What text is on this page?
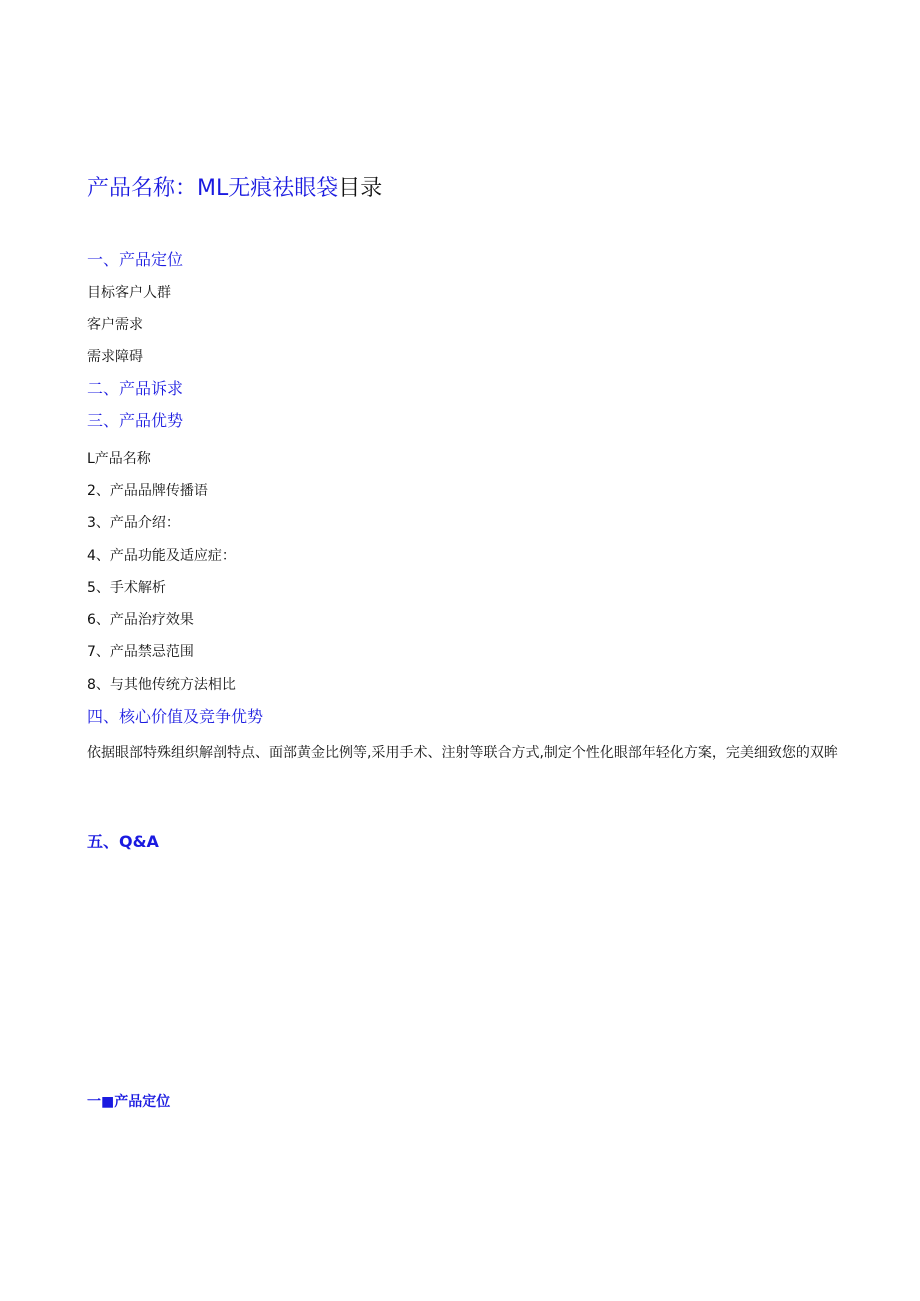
产品名称：ML无痕祛眼袋目录
一、产品定位
目标客户人群
客户需求
需求障碍
二、产品诉求
三、产品优势
L产品名称
2、产品品牌传播语
3、产品介绍：
4、产品功能及适应症：
5、手术解析
6、产品治疗效果
7、产品禁忌范围
8、与其他传统方法相比
四、核心价值及竞争优势
依据眼部特殊组织解剖特点、面部黄金比例等,采用手术、注射等联合方式,制定个性化眼部年轻化方案，完美细致您的双眸
五、Q&A
一■产品定位
